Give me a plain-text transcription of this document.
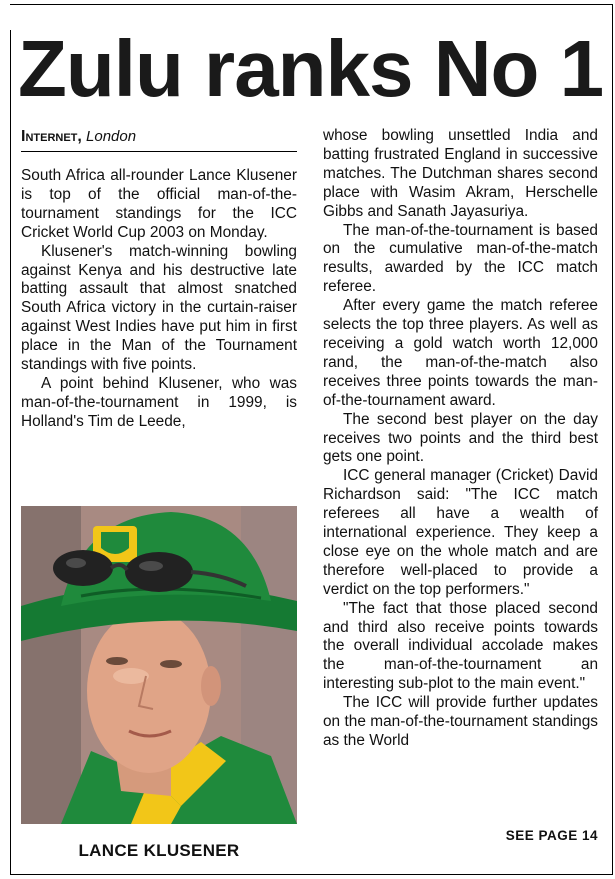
Zulu ranks No 1
Internet, London

South Africa all-rounder Lance Klusener is top of the official man-of-the-tournament standings for the ICC Cricket World Cup 2003 on Monday.

Klusener's match-winning bowling against Kenya and his destructive late batting assault that almost snatched South Africa victory in the curtain-raiser against West Indies have put him in first place in the Man of the Tournament standings with five points.

A point behind Klusener, who was man-of-the-tournament in 1999, is Holland's Tim de Leede,

LANCE KLUSENER

whose bowling unsettled India and batting frustrated England in successive matches. The Dutchman shares second place with Wasim Akram, Herschelle Gibbs and Sanath Jayasuriya.

The man-of-the-tournament is based on the cumulative man-of-the-match results, awarded by the ICC match referee.

After every game the match referee selects the top three players. As well as receiving a gold watch worth 12,000 rand, the man-of-the-match also receives three points towards the man-of-the-tournament award.

The second best player on the day receives two points and the third best gets one point.

ICC general manager (Cricket) David Richardson said: "The ICC match referees all have a wealth of international experience. They keep a close eye on the whole match and are therefore well-placed to provide a verdict on the top performers."

"The fact that those placed second and third also receive points towards the overall individual accolade makes the man-of-the-tournament an interesting sub-plot to the main event."

The ICC will provide further updates on the man-of-the-tournament standings as the World

SEE PAGE 14
